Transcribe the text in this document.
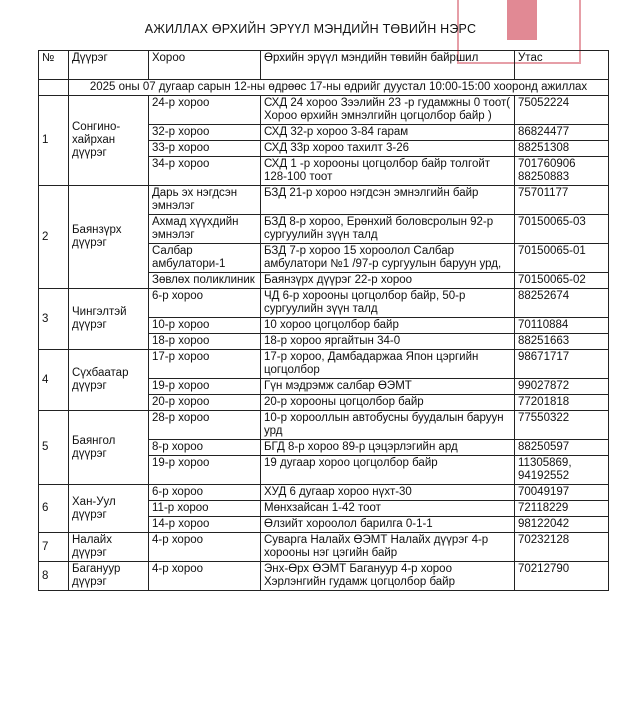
АЖИЛЛАХ ӨРХИЙН ЭРҮҮЛ МЭНДИЙН ТӨВИЙН НЭРС
№	Дүүрэг	Хороо	Өрхийн эрүүл мэндийн төвийн байршил	Утас
	2025 оны 07 дугаар сарын 12-ны өдрөөс 17-ны өдрийг дуустал 10:00-15:00 хооронд ажиллах			
1	Сонгино-хайрхан дүүрэг	24-р хороо	СХД 24 хороо Зээлийн 23 -р гудамжны 0 тоот( Хороо өрхийн эмнэлгийн цогцолбор байр )	75052224
		32-р хороо	СХД 32-р хороо 3-84 гарам	86824477
		33-р хороо	СХД 33р хороо тахилт 3-26	88251308
		34-р хороо	СХД 1 -р хорооны цогцолбор байр толгойт 128-100 тоот	701760906 88250883
2	Баянзүрх дүүрэг	Дарь эх нэгдсэн эмнэлэг	БЗД 21-р хороо нэгдсэн эмнэлгийн байр	75701177
		Ахмад хүүхдийн эмнэлэг	БЗД 8-р хороо, Ерөнхий боловсролын 92-р сургуулийн зүүн талд	70150065-03
		Салбар амбулатори-1	БЗД 7-р хороо 15 хороолол Салбар амбулатори №1 /97-р сургуулын баруун урд,	70150065-01
		Зөвлөх поликлиник	Баянзүрх дүүрэг 22-р хороо	70150065-02
3	Чингэлтэй дүүрэг	6-р хороо	ЧД 6-р хорооны цогцолбор байр, 50-р сургуулийн зүүн талд	88252674
		10-р хороо	10 хороо цогцолбор байр	70110884
		18-р хороо	18-р хороо яргайтын 34-0	88251663
4	Сүхбаатар дүүрэг	17-р хороо	17-р хороо, Дамбадаржаа Япон цэргийн цогцолбор	98671717
		19-р хороо	Гүн мэдрэмж салбар ӨЭМТ	99027872
		20-р хороо	20-р хорооны цогцолбор байр	77201818
5	Баянгол дүүрэг	28-р хороо	10-р хорооллын автобусны буудалын баруун урд	77550322
		8-р хороо	БГД 8-р хороо 89-р цэцэрлэгийн ард	88250597
		19-р хороо	19 дугаар хороо цогцолбор байр	11305869, 94192552
6	Хан-Уул дүүрэг	6-р хороо	ХУД 6 дугаар хороо нүхт-30	70049197
		11-р хороо	Мөнхзайсан 1-42 тоот	72118229
		14-р хороо	Өлзийт хороолол барилга 0-1-1	98122042
7	Налайх дүүрэг	4-р хороо	Суварга Налайх ӨЭМТ Налайх дүүрэг 4-р хорооны нэг цэгийн байр	70232128
8	Багануур дүүрэг	4-р хороо	Энх-Өрх ӨЭМТ Багануур 4-р хороо Хэрлэнгийн гудамж цогцолбор байр	70212790
